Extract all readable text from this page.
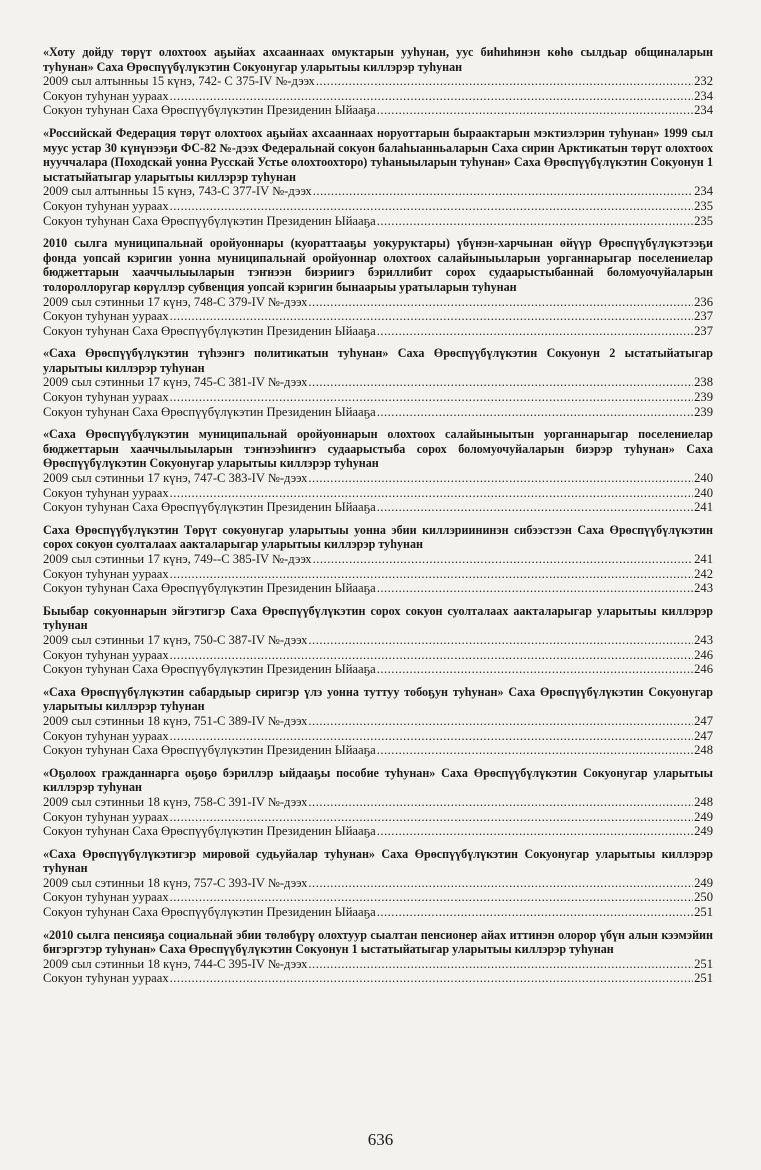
«Хоту дойду төрүт олохтоох аҕыйах ахсааннаах омуктарын ууһунан, уус биһиһинэн көһө сылдьар общиналарын туһунан» Саха Өрөспүүбүлүкэтин Сокуонугар уларытыы киллэрэр туһунан

2009 сыл алтынньы 15 күнэ, 742- С 375-IV №-дээх .....	232
Сокуон туһунан уураах .....	234
Сокуон туһунан Саха Өрөспүүбүлүкэтин Президенин Ыйааҕа .....	234

«Российскай Федерация төрүт олохтоох аҕыйах ахсааннаах норуоттарын быраактарын мэктиэлэрин туһунан» 1999 сыл муус устар 30 күнүнээҕи ФС-82 №-дээх Федеральнай сокуон балаһыанньаларын Саха сирин Арктикатын төрүт олохтоох нууччалара (Походскай уонна Русскай Устье олохтоохторо) туһаныыларын туһунан» Саха Өрөспүүбүлүкэтин Сокуонун 1 ыстатыйатыгар уларытыы киллэрэр туһунан

2009 сыл алтынньы 15 күнэ, 743-С 377-IV №-дээх .....	234
Сокуон туһунан уураах .....	235
Сокуон туһунан Саха Өрөспүүбүлүкэтин Президенин Ыйааҕа .....	235

2010 сылга муниципальнай оройуоннары (куораттааҕы уокуруктары) үбүнэн-харчынан өйүүр Өрөспүүбүлүкэтээҕи фонда уопсай кэригин уонна муниципальнай оройуоннар олохтоох салайыныыларын уорганнарыгар поселениелар бюджеттарын хааччылыыларын тэҥнээн биэриигэ бэриллибит сорох судаарыстыбаннай боломуочуйаларын толороллоругар көрүллэр субвенция уопсай кэригин бынаарыы уратыларын туһунан

2009 сыл сэтинньи 17 күнэ, 748-С 379-IV №-дээх .....	236
Сокуон туһунан уураах .....	237
Сокуон туһунан Саха Өрөспүүбүлүкэтин Президенин Ыйааҕа .....	237

«Саха Өрөспүүбүлүкэтин түһээнгэ политикатын туһунан» Саха Өрөспүүбүлүкэтин Сокуонун 2 ыстатыйатыгар уларытыы киллэрэр туһунан

2009 сыл сэтинньи 17 күнэ, 745-С 381-IV №-дээх .....	238
Сокуон туһунан уураах .....	239
Сокуон туһунан Саха Өрөспүүбүлүкэтин Президенин Ыйааҕа .....	239

«Саха Өрөспүүбүлүкэтин муниципальнай оройуоннарын олохтоох салайыныытын уорганнарыгар поселениелар бюджеттарын хааччылыыларын тэҥнээһиҥҥэ судаарыстыба сорох боломуочуйаларын биэрэр туһунан» Саха Өрөспүүбүлүкэтин Сокуонугар уларытыы киллэрэр туһунан

2009 сыл сэтинньи 17 күнэ, 747-С 383-IV №-дээх .....	240
Сокуон туһунан уураах .....	240
Сокуон туһунан Саха Өрөспүүбүлүкэтин Президенин Ыйааҕа .....	241

Саха Өрөспүүбүлүкэтин Төрүт сокуонугар уларытыы уонна эбии киллэриининэн сибээстээн Саха Өрөспүүбүлүкэтин сорох сокуон суолталаах аакталарыгар уларытыы киллэрэр туһунан

2009 сыл сэтинньи 17 күнэ, 749--С 385-IV №-дээх .....	241
Сокуон туһунан уураах .....	242
Сокуон туһунан Саха Өрөспүүбүлүкэтин Президенин Ыйааҕа .....	243

Быыбар сокуоннарын эйгэтигэр Саха Өрөспүүбүлүкэтин сорох сокуон суолталаах аакталарыгар уларытыы киллэрэр туһунан

2009 сыл сэтинньи 17 күнэ, 750-С 387-IV №-дээх .....	243
Сокуон туһунан уураах .....	246
Сокуон туһунан Саха Өрөспүүбүлүкэтин Президенин Ыйааҕа .....	246

«Саха Өрөспүүбүлүкэтин сабардыыр сиригэр үлэ уонна туттуу тобоҕун туһунан» Саха Өрөспүүбүлүкэтин Сокуонугар уларытыы киллэрэр туһунан

2009 сыл сэтинньи 18 күнэ, 751-С 389-IV №-дээх .....	247
Сокуон туһунан уураах .....	247
Сокуон туһунан Саха Өрөспүүбүлүкэтин Президенин Ыйааҕа .....	248

«Оҕолоох гражданнарга оҕоҕо бэриллэр ыйдааҕы пособие туһунан» Саха Өрөспүүбүлүкэтин Сокуонугар уларытыы киллэрэр туһунан

2009 сыл сэтинньи 18 күнэ, 758-С 391-IV №-дээх .....	248
Сокуон туһунан уураах .....	249
Сокуон туһунан Саха Өрөспүүбүлүкэтин Президенин Ыйааҕа .....	249

«Саха Өрөспүүбүлүкэтигэр мировой судьуйалар туһунан» Саха Өрөспүүбүлүкэтин Сокуонугар уларытыы киллэрэр туһунан

2009 сыл сэтинньи 18 күнэ, 757-С 393-IV №-дээх .....	249
Сокуон туһунан уураах .....	250
Сокуон туһунан Саха Өрөспүүбүлүкэтин Президенин Ыйааҕа .....	251

«2010 сылга пенсияҕа социальнай эбии төлөбүрү олохтуур сыалтан пенсионер айах иттинэн олорор үбүн алын кээмэйин бигэргэтэр туһунан» Саха Өрөспүүбүлүкэтин Сокуонун 1 ыстатыйатыгар уларытыы киллэрэр туһунан

2009 сыл сэтинньи 18 күнэ, 744-С 395-IV №-дээх .....	251
Сокуон туһунан уураах .....	251
636
